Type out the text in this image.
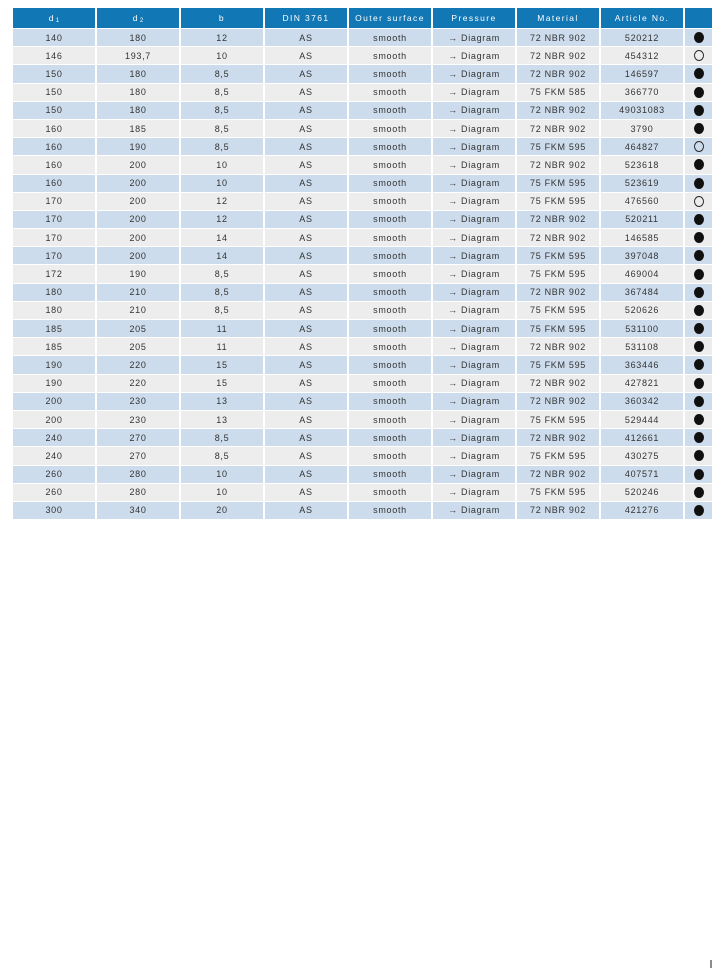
$d_1$	$d_2$	b	DIN 3761	Outer surface	Pressure	Material	Article No.
140	180	12	AS	smooth	→ Diagram	72 NBR 902	520212
146	193,7	10	AS	smooth	→ Diagram	72 NBR 902	454312
150	180	8,5	AS	smooth	→ Diagram	72 NBR 902	146597
150	180	8,5	AS	smooth	→ Diagram	75 FKM 585	366770
150	180	8,5	AS	smooth	→ Diagram	72 NBR 902	49031083
160	185	8,5	AS	smooth	→ Diagram	72 NBR 902	3790
160	190	8,5	AS	smooth	→ Diagram	75 FKM 595	464827
160	200	10	AS	smooth	→ Diagram	72 NBR 902	523618
160	200	10	AS	smooth	→ Diagram	75 FKM 595	523619
170	200	12	AS	smooth	→ Diagram	75 FKM 595	476560
170	200	12	AS	smooth	→ Diagram	72 NBR 902	520211
170	200	14	AS	smooth	→ Diagram	72 NBR 902	146585
170	200	14	AS	smooth	→ Diagram	75 FKM 595	397048
172	190	8,5	AS	smooth	→ Diagram	75 FKM 595	469004
180	210	8,5	AS	smooth	→ Diagram	72 NBR 902	367484
180	210	8,5	AS	smooth	→ Diagram	75 FKM 595	520626
185	205	11	AS	smooth	→ Diagram	75 FKM 595	531100
185	205	11	AS	smooth	→ Diagram	72 NBR 902	531108
190	220	15	AS	smooth	→ Diagram	75 FKM 595	363446
190	220	15	AS	smooth	→ Diagram	72 NBR 902	427821
200	230	13	AS	smooth	→ Diagram	72 NBR 902	360342
200	230	13	AS	smooth	→ Diagram	75 FKM 595	529444
240	270	8,5	AS	smooth	→ Diagram	72 NBR 902	412661
240	270	8,5	AS	smooth	→ Diagram	75 FKM 595	430275
260	280	10	AS	smooth	→ Diagram	72 NBR 902	407571
260	280	10	AS	smooth	→ Diagram	75 FKM 595	520246
300	340	20	AS	smooth	→ Diagram	72 NBR 902	421276
